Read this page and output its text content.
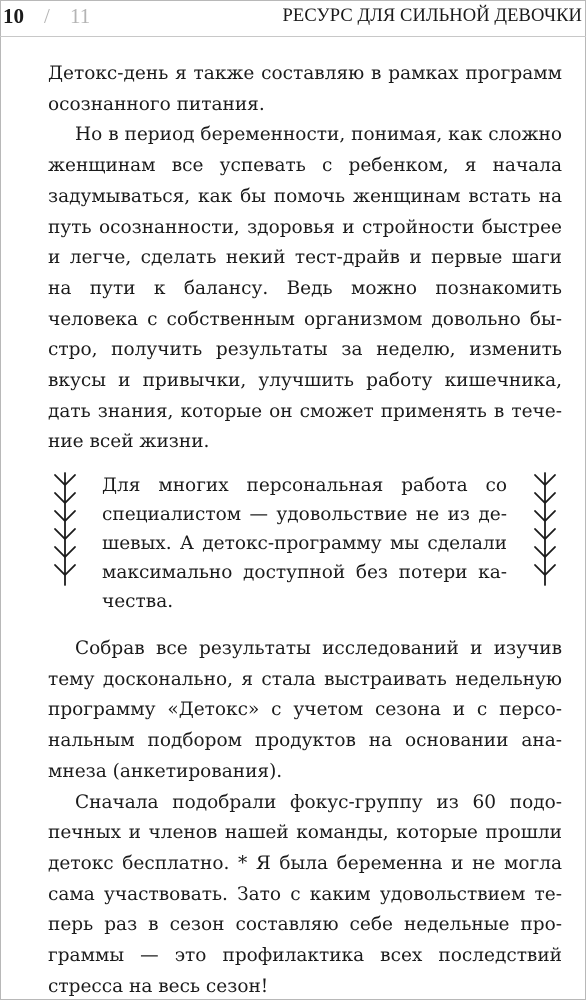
10 / 11	РЕСУРС ДЛЯ СИЛЬНОЙ ДЕВОЧКИ

Детокс-день я также составляю в рамках программ осознанного питания.

Но в период беременности, понимая, как сложно женщинам все успевать с ребенком, я начала задумываться, как бы помочь женщинам встать на путь осознанности, здоровья и стройности быстрее и легче, сделать некий тест-драйв и первые шаги на пути к балансу. Ведь можно познакомить человека с собственным организмом довольно быстро, получить результаты за неделю, изменить вкусы и привычки, улучшить работу кишечника, дать знания, которые он сможет применять в течение всей жизни.

Для многих персональная работа со специалистом — удовольствие не из дешевых. А детокс-программу мы сделали максимально доступной без потери качества.

Собрав все результаты исследований и изучив тему досконально, я стала выстраивать недельную программу «Детокс» с учетом сезона и с персональным подбором продуктов на основании анамнеза (анкетирования).

Сначала подобрали фокус-группу из 60 подопечных и членов нашей команды, которые прошли детокс бесплатно. * Я была беременна и не могла сама участвовать. Зато с каким удовольствием теперь раз в сезон составляю себе недельные программы — это профилактика всех последствий стресса на весь сезон!
